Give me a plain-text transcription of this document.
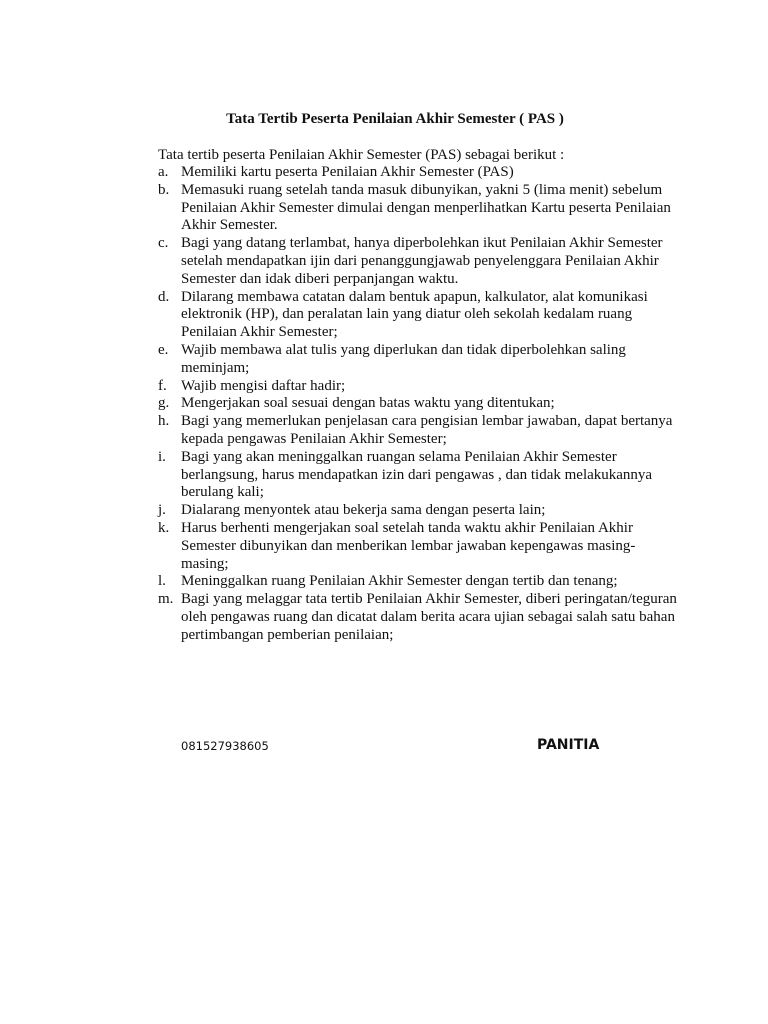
Tata Tertib Peserta Penilaian Akhir Semester ( PAS )

Tata tertib peserta Penilaian Akhir Semester (PAS) sebagai berikut :

a. Memiliki kartu peserta Penilaian Akhir Semester (PAS)
b. Memasuki ruang setelah tanda masuk dibunyikan, yakni 5 (lima menit) sebelum Penilaian Akhir Semester dimulai dengan menperlihatkan Kartu peserta Penilaian Akhir Semester.
c. Bagi yang datang terlambat, hanya diperbolehkan ikut Penilaian Akhir Semester setelah mendapatkan ijin dari penanggungjawab penyelenggara Penilaian Akhir Semester dan idak diberi perpanjangan waktu.
d. Dilarang membawa catatan dalam bentuk apapun, kalkulator, alat komunikasi elektronik (HP), dan peralatan lain yang diatur oleh sekolah kedalam ruang Penilaian Akhir Semester;
e. Wajib membawa alat tulis yang diperlukan dan tidak diperbolehkan saling meminjam;
f. Wajib mengisi daftar hadir;
g. Mengerjakan soal sesuai dengan batas waktu yang ditentukan;
h. Bagi yang memerlukan penjelasan cara pengisian lembar jawaban, dapat bertanya kepada pengawas Penilaian Akhir Semester;
i. Bagi yang akan meninggalkan ruangan selama Penilaian Akhir Semester berlangsung, harus mendapatkan izin dari pengawas , dan tidak melakukannya berulang kali;
j. Dialarang menyontek atau bekerja sama dengan peserta lain;
k. Harus berhenti mengerjakan soal setelah tanda waktu akhir Penilaian Akhir Semester dibunyikan dan menberikan lembar jawaban kepengawas masing-masing;
l. Meninggalkan ruang Penilaian Akhir Semester dengan tertib dan tenang;
m. Bagi yang melaggar tata tertib Penilaian Akhir Semester, diberi peringatan/teguran oleh pengawas ruang dan dicatat dalam berita acara ujian sebagai salah satu bahan pertimbangan pemberian penilaian;
081527938605	PANITIA
